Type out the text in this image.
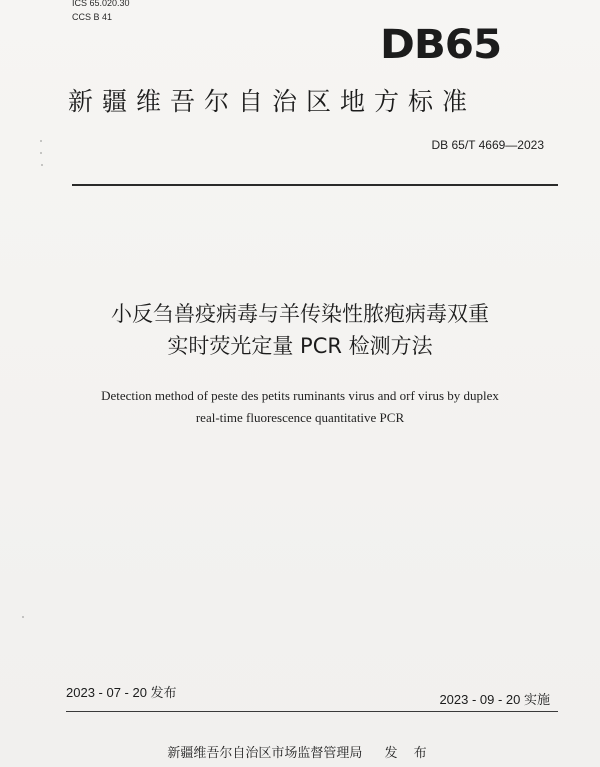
ICS 65.020.30
CCS B 41
DB65
新疆维吾尔自治区地方标准
DB 65/T 4669—2023
小反刍兽疫病毒与羊传染性脓疱病毒双重
实时荧光定量 PCR 检测方法
Detection method of peste des petits ruminants virus and orf virus by duplex
real-time fluorescence quantitative PCR
2023 - 07 - 20 发布	2023 - 09 - 20 实施
新疆维吾尔自治区市场监督管理局 发 布
